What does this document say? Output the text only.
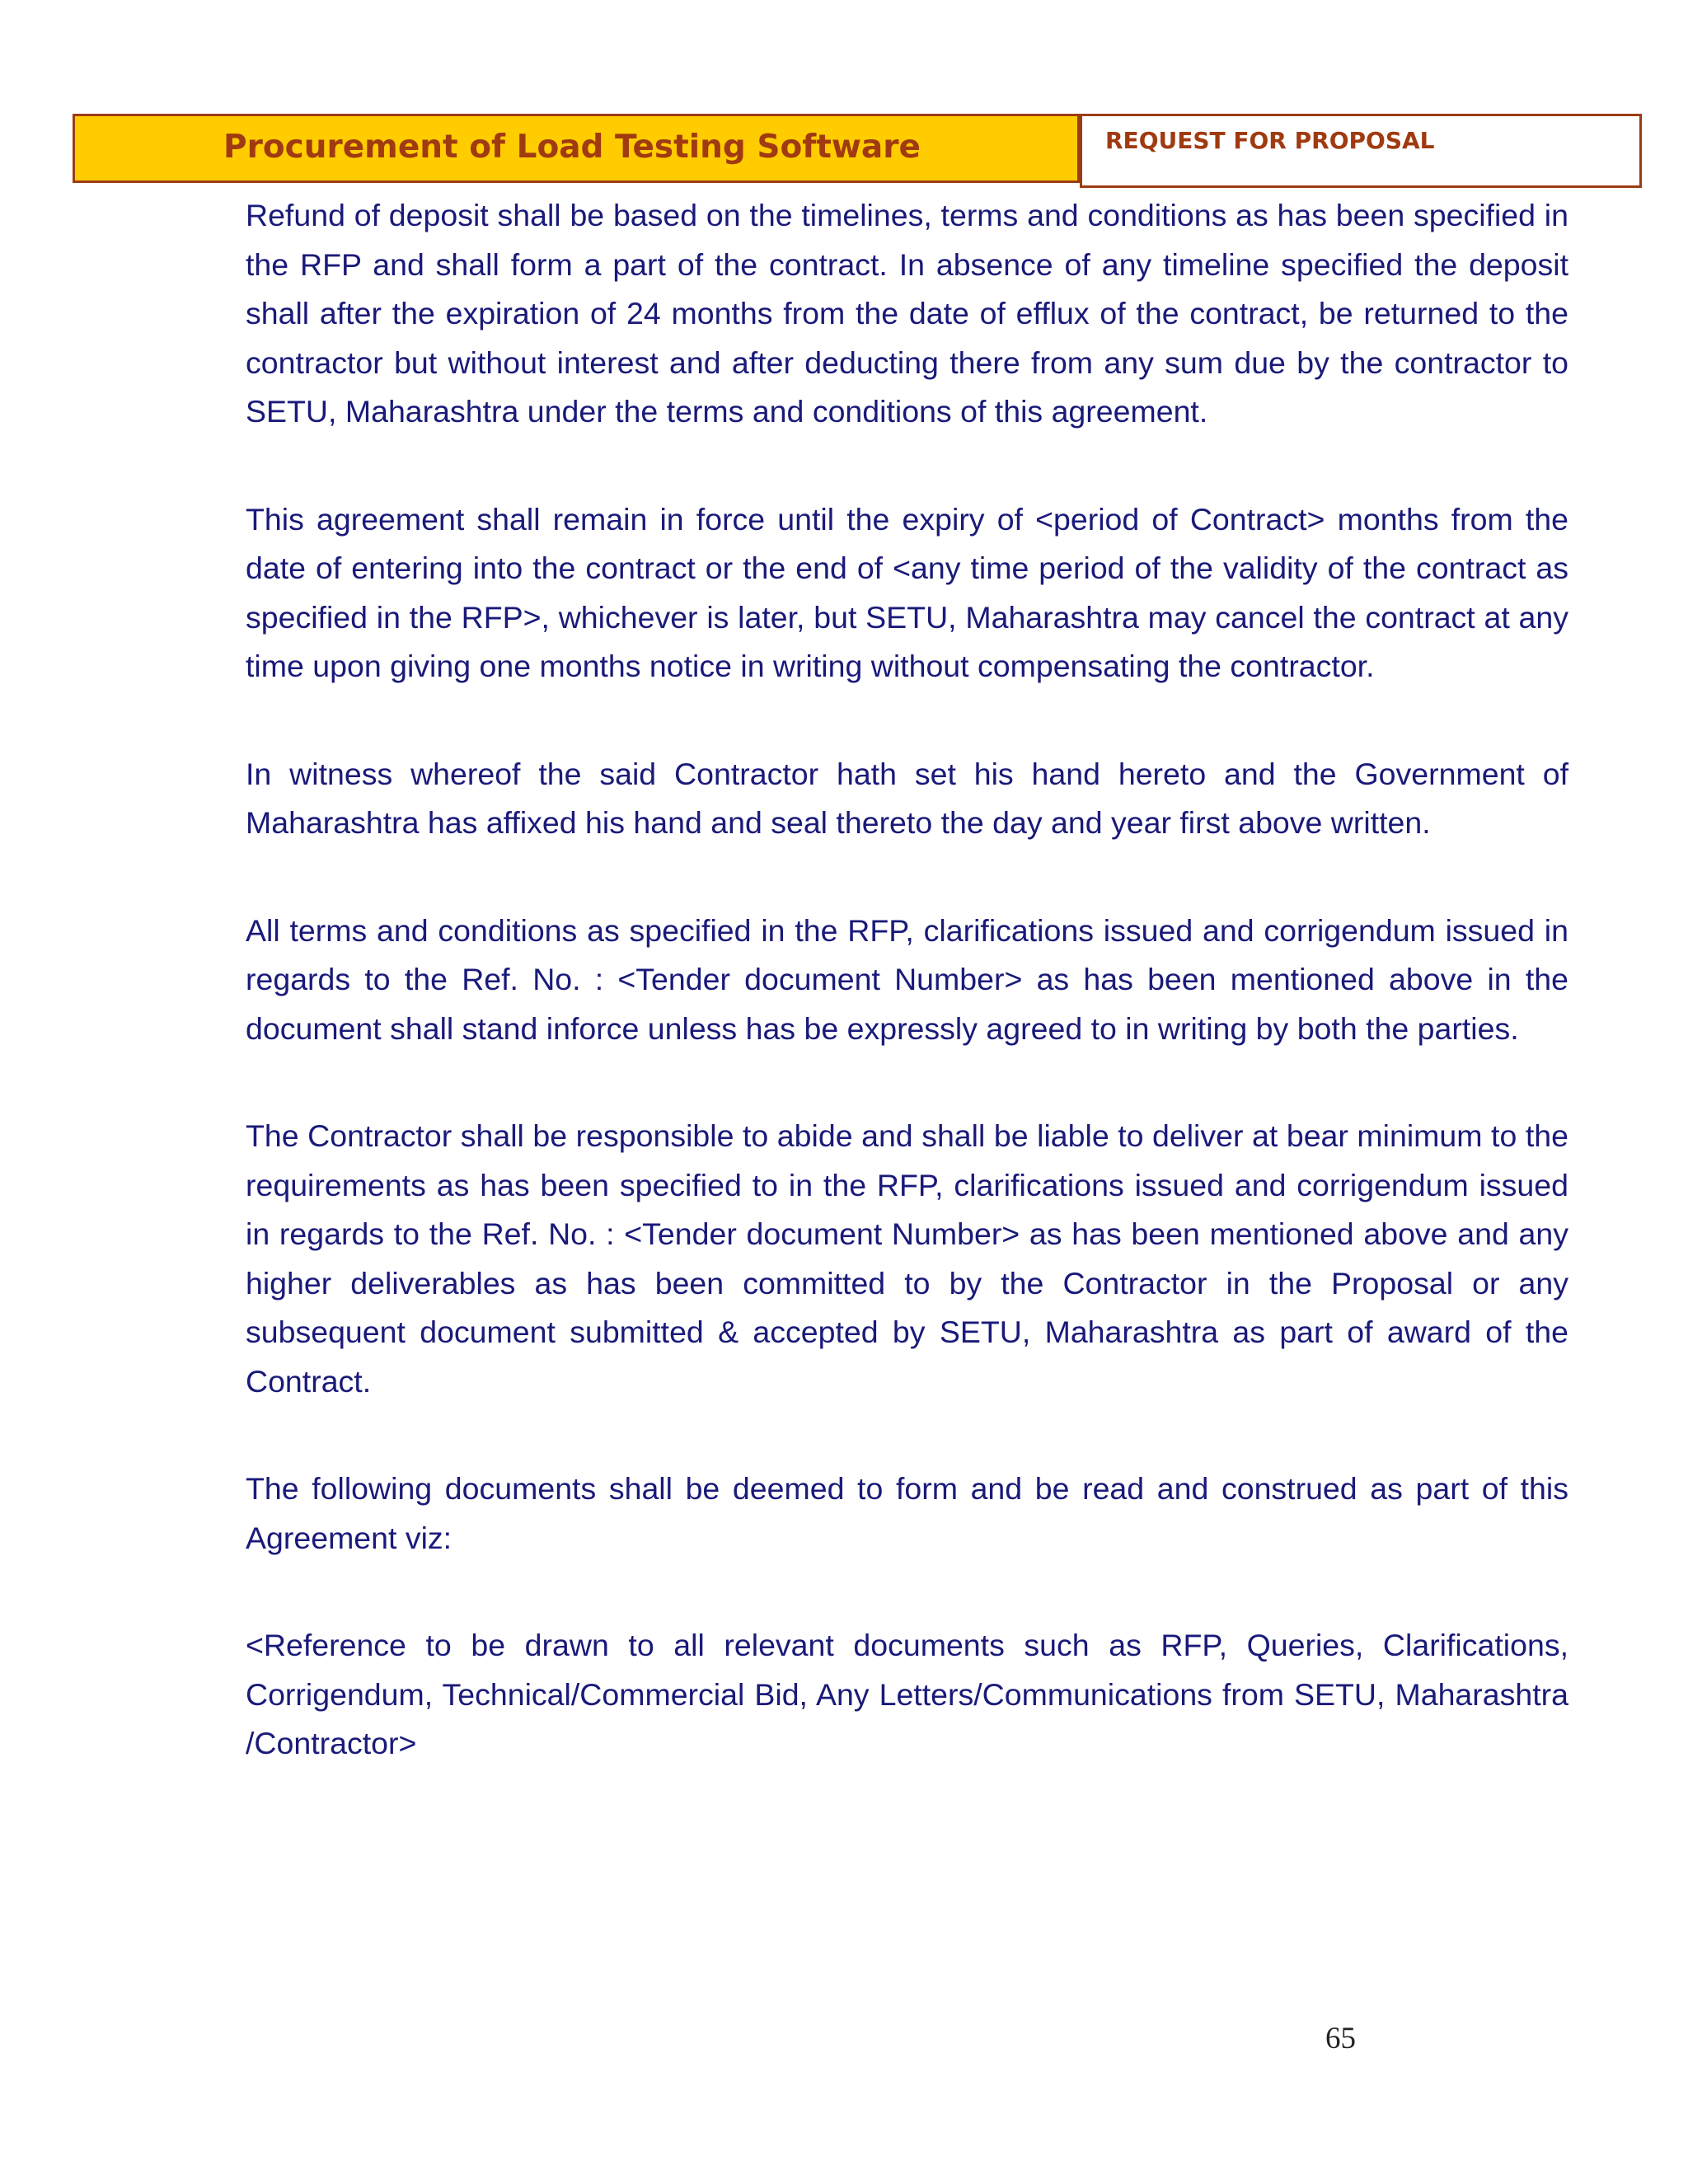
Procurement of Load Testing Software	REQUEST FOR PROPOSAL

Refund of deposit shall be based on the timelines, terms and conditions as has been specified in the RFP and shall form a part of the contract. In absence of any timeline specified the deposit shall after the expiration of 24 months from the date of efflux of the contract, be returned to the contractor but without interest and after deducting there from any sum due by the contractor to SETU, Maharashtra under the terms and conditions of this agreement.

This agreement shall remain in force until the expiry of <period of Contract> months from the date of entering into the contract or the end of <any time period of the validity of the contract as specified in the RFP>, whichever is later, but SETU, Maharashtra may cancel the contract at any time upon giving one months notice in writing without compensating the contractor.

In witness whereof the said Contractor hath set his hand hereto and the Government of Maharashtra has affixed his hand and seal thereto the day and year first above written.

All terms and conditions as specified in the RFP, clarifications issued and corrigendum issued in regards to the Ref. No. : <Tender document Number> as has been mentioned above in the document shall stand inforce unless has be expressly agreed to in writing by both the parties.

The Contractor shall be responsible to abide and shall be liable to deliver at bear minimum to the requirements as has been specified to in the RFP, clarifications issued and corrigendum issued in regards to the Ref. No. : <Tender document Number> as has been mentioned above and any higher deliverables as has been committed to by the Contractor in the Proposal or any subsequent document submitted & accepted by SETU, Maharashtra as part of award of the Contract.

The following documents shall be deemed to form and be read and construed as part of this Agreement viz:

<Reference to be drawn to all relevant documents such as RFP, Queries, Clarifications, Corrigendum, Technical/Commercial Bid, Any Letters/Communications from SETU, Maharashtra /Contractor>

65
